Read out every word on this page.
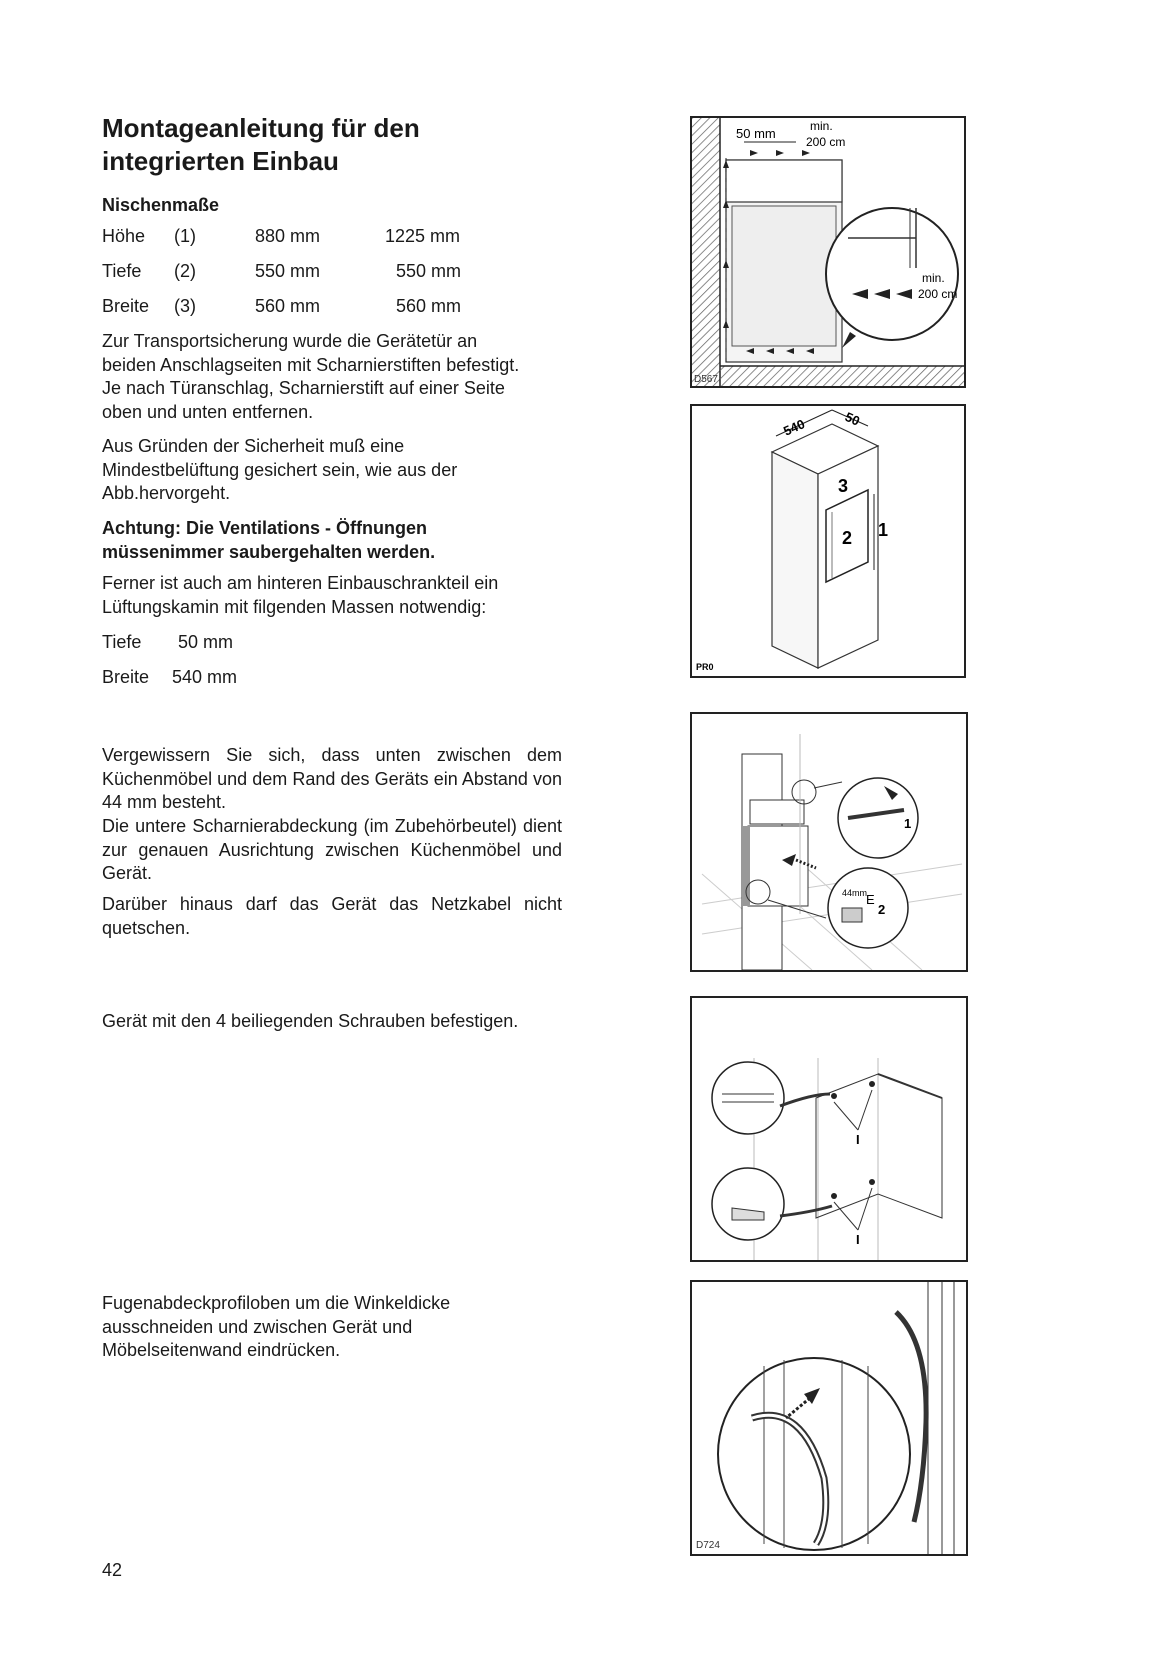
Montageanleitung für den
integrierten Einbau
Nischenmaße
Höhe (1)	880 mm	1225 mm
Tiefe (2)	550 mm	550 mm
Breite (3)	560 mm	560 mm
Zur Transportsicherung wurde die Gerätetür an
beiden Anschlagseiten mit Scharnierstiften befestigt.
Je nach Türanschlag, Scharnierstift auf einer Seite
oben und unten entfernen.
Aus Gründen der Sicherheit muß eine
Mindestbelüftung gesichert sein, wie aus der
Abb.hervorgeht.
Achtung: Die Ventilations - Öffnungen
müssenimmer saubergehalten werden.
Ferner ist auch am hinteren Einbauschrankteil ein
Lüftungskamin mit filgenden Massen notwendig:
Tiefe 50 mm
Breite 540 mm
Vergewissern Sie sich, dass unten zwischen dem Küchenmöbel und dem Rand des Geräts ein Abstand von 44 mm besteht.
Die untere Scharnierabdeckung (im Zubehörbeutel) dient zur genauen Ausrichtung zwischen Küchenmöbel und Gerät.
Darüber hinaus darf das Gerät das Netzkabel nicht quetschen.
Gerät mit den 4 beiliegenden Schrauben befestigen.
Fugenabdeckprofiloben um die Winkeldicke
ausschneiden und zwischen Gerät und
Möbelseitenwand eindrücken.
42
50 mm	min.
200 cm
min.
200 cm
D567
540	50
3
2 1
PR0
1
44mm
E
2
I
I
D724
